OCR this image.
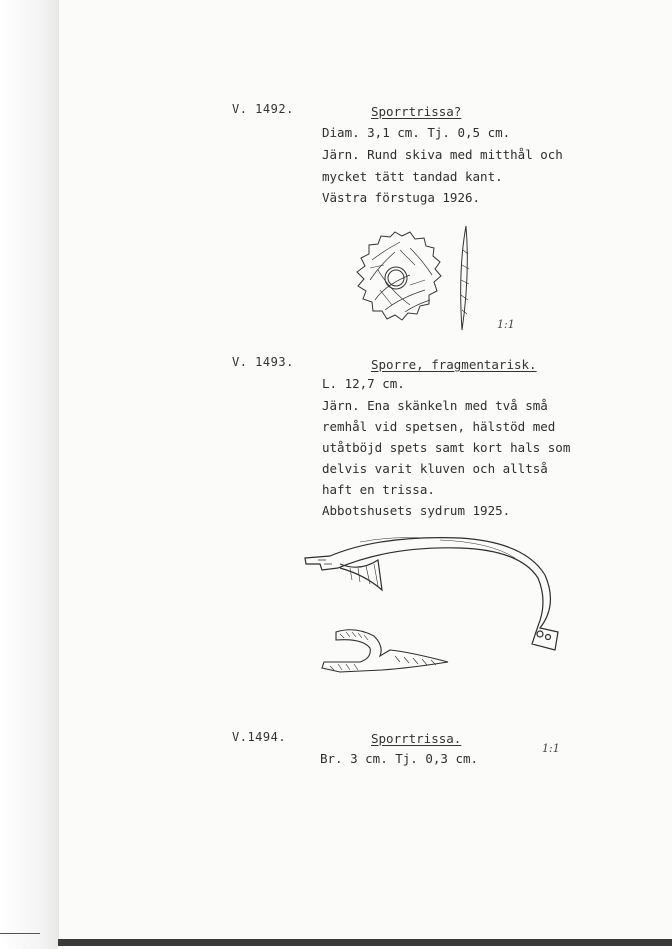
V. 1492.	Sporrtrissa?
Diam. 3,1 cm. Tj. 0,5 cm.
Järn. Rund skiva med mitthål och
mycket tätt tandad kant.
Västra förstuga 1926.
1:1
V. 1493.	Sporre, fragmentarisk.
L. 12,7 cm.
Järn. Ena skänkeln med två små
remhål vid spetsen, hälstöd med
utåtböjd spets samt kort hals som
delvis varit kluven och alltså
haft en trissa.
Abbotshusets sydrum 1925.
V.1494.	Sporrtrissa.
Br. 3 cm. Tj. 0,3 cm.
1:1
